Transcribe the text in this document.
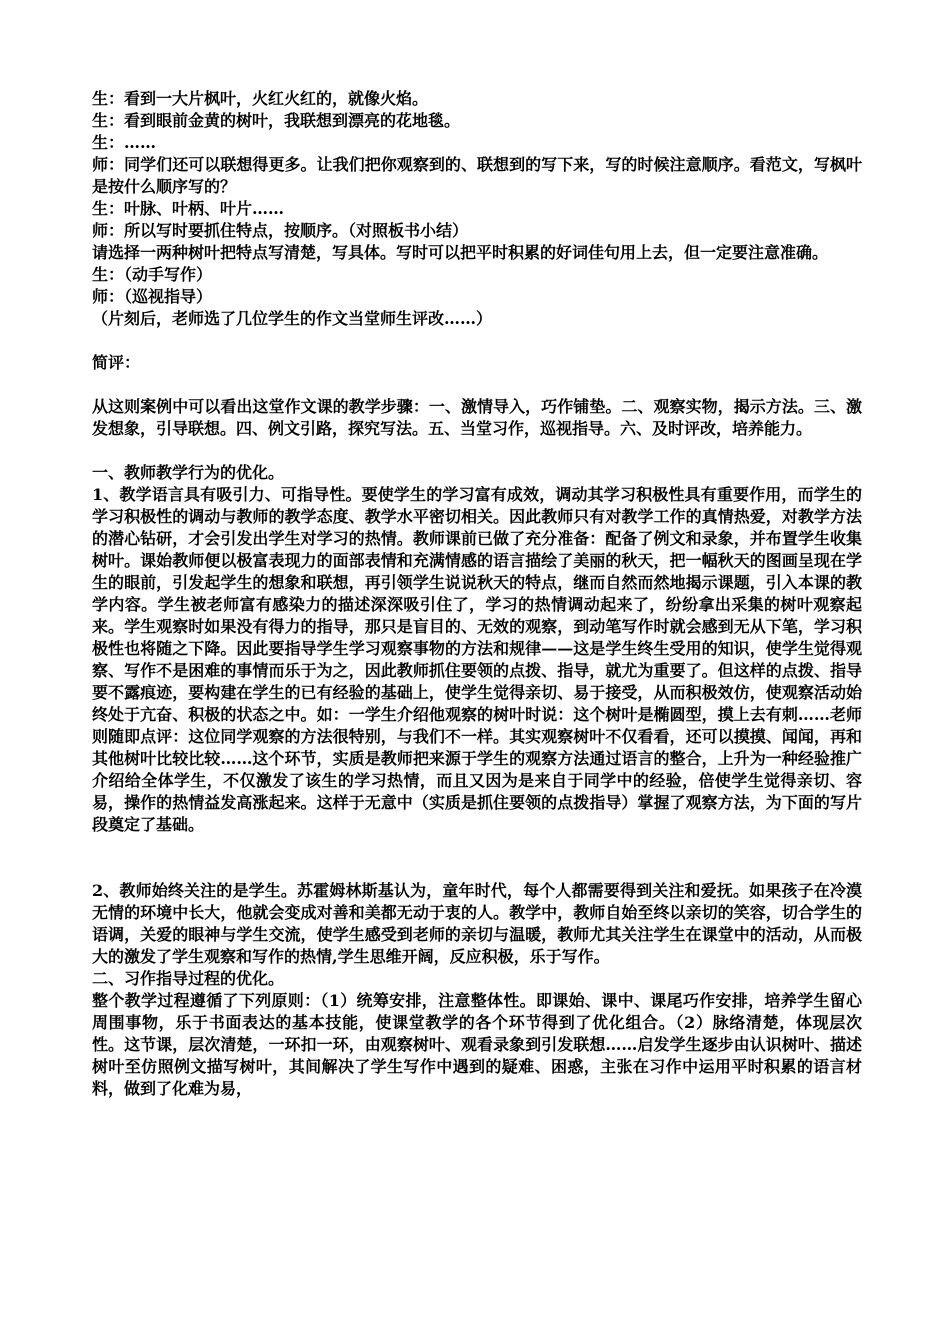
生：看到一大片枫叶，火红火红的，就像火焰。

生：看到眼前金黄的树叶，我联想到漂亮的花地毯。

生：……

师：同学们还可以联想得更多。让我们把你观察到的、联想到的写下来，写的时候注意顺序。看范文，写枫叶是按什么顺序写的？

生：叶脉、叶柄、叶片……

师：所以写时要抓住特点，按顺序。（对照板书小结）

请选择一两种树叶把特点写清楚，写具体。写时可以把平时积累的好词佳句用上去，但一定要注意准确。

生：（动手写作）

师：（巡视指导）

（片刻后，老师选了几位学生的作文当堂师生评改……）

简评：

从这则案例中可以看出这堂作文课的教学步骤：一、激情导入，巧作铺垫。二、观察实物，揭示方法。三、激发想象，引导联想。四、例文引路，探究写法。五、当堂习作，巡视指导。六、及时评改，培养能力。

一、教师教学行为的优化。

1、教学语言具有吸引力、可指导性。要使学生的学习富有成效，调动其学习积极性具有重要作用，而学生的学习积极性的调动与教师的教学态度、教学水平密切相关。因此教师只有对教学工作的真情热爱，对教学方法的潜心钻研，才会引发出学生对学习的热情。教师课前已做了充分准备：配备了例文和录象，并布置学生收集树叶。课始教师便以极富表现力的面部表情和充满情感的语言描绘了美丽的秋天，把一幅秋天的图画呈现在学生的眼前，引发起学生的想象和联想，再引领学生说说秋天的特点，继而自然而然地揭示课题，引入本课的教学内容。学生被老师富有感染力的描述深深吸引住了，学习的热情调动起来了，纷纷拿出采集的树叶观察起来。学生观察时如果没有得力的指导，那只是盲目的、无效的观察，到动笔写作时就会感到无从下笔，学习积极性也将随之下降。因此要指导学生学习观察事物的方法和规律——这是学生终生受用的知识，使学生觉得观察、写作不是困难的事情而乐于为之，因此教师抓住要领的点拨、指导，就尤为重要了。但这样的点拨、指导要不露痕迹，要构建在学生的已有经验的基础上，使学生觉得亲切、易于接受，从而积极效仿，使观察活动始终处于亢奋、积极的状态之中。如：一学生介绍他观察的树叶时说：这个树叶是椭圆型，摸上去有刺……老师则随即点评：这位同学观察的方法很特别，与我们不一样。其实观察树叶不仅看看，还可以摸摸、闻闻，再和其他树叶比较比较……这个环节，实质是教师把来源于学生的观察方法通过语言的整合，上升为一种经验推广介绍给全体学生，不仅激发了该生的学习热情，而且又因为是来自于同学中的经验，倍使学生觉得亲切、容易，操作的热情益发高涨起来。这样于无意中（实质是抓住要领的点拨指导）掌握了观察方法，为下面的写片段奠定了基础。

2、教师始终关注的是学生。苏霍姆林斯基认为，童年时代，每个人都需要得到关注和爱抚。如果孩子在冷漠无情的环境中长大，他就会变成对善和美都无动于衷的人。教学中，教师自始至终以亲切的笑容，切合学生的语调，关爱的眼神与学生交流，使学生感受到老师的亲切与温暖，教师尤其关注学生在课堂中的活动，从而极大的激发了学生观察和写作的热情,学生思维开阔，反应积极，乐于写作。

二、习作指导过程的优化。

整个教学过程遵循了下列原则：（1）统筹安排，注意整体性。即课始、课中、课尾巧作安排，培养学生留心周围事物，乐于书面表达的基本技能，使课堂教学的各个环节得到了优化组合。（2）脉络清楚，体现层次性。这节课，层次清楚，一环扣一环，由观察树叶、观看录象到引发联想……启发学生逐步由认识树叶、描述树叶至仿照例文描写树叶，其间解决了学生写作中遇到的疑难、困惑，主张在习作中运用平时积累的语言材料，做到了化难为易，
